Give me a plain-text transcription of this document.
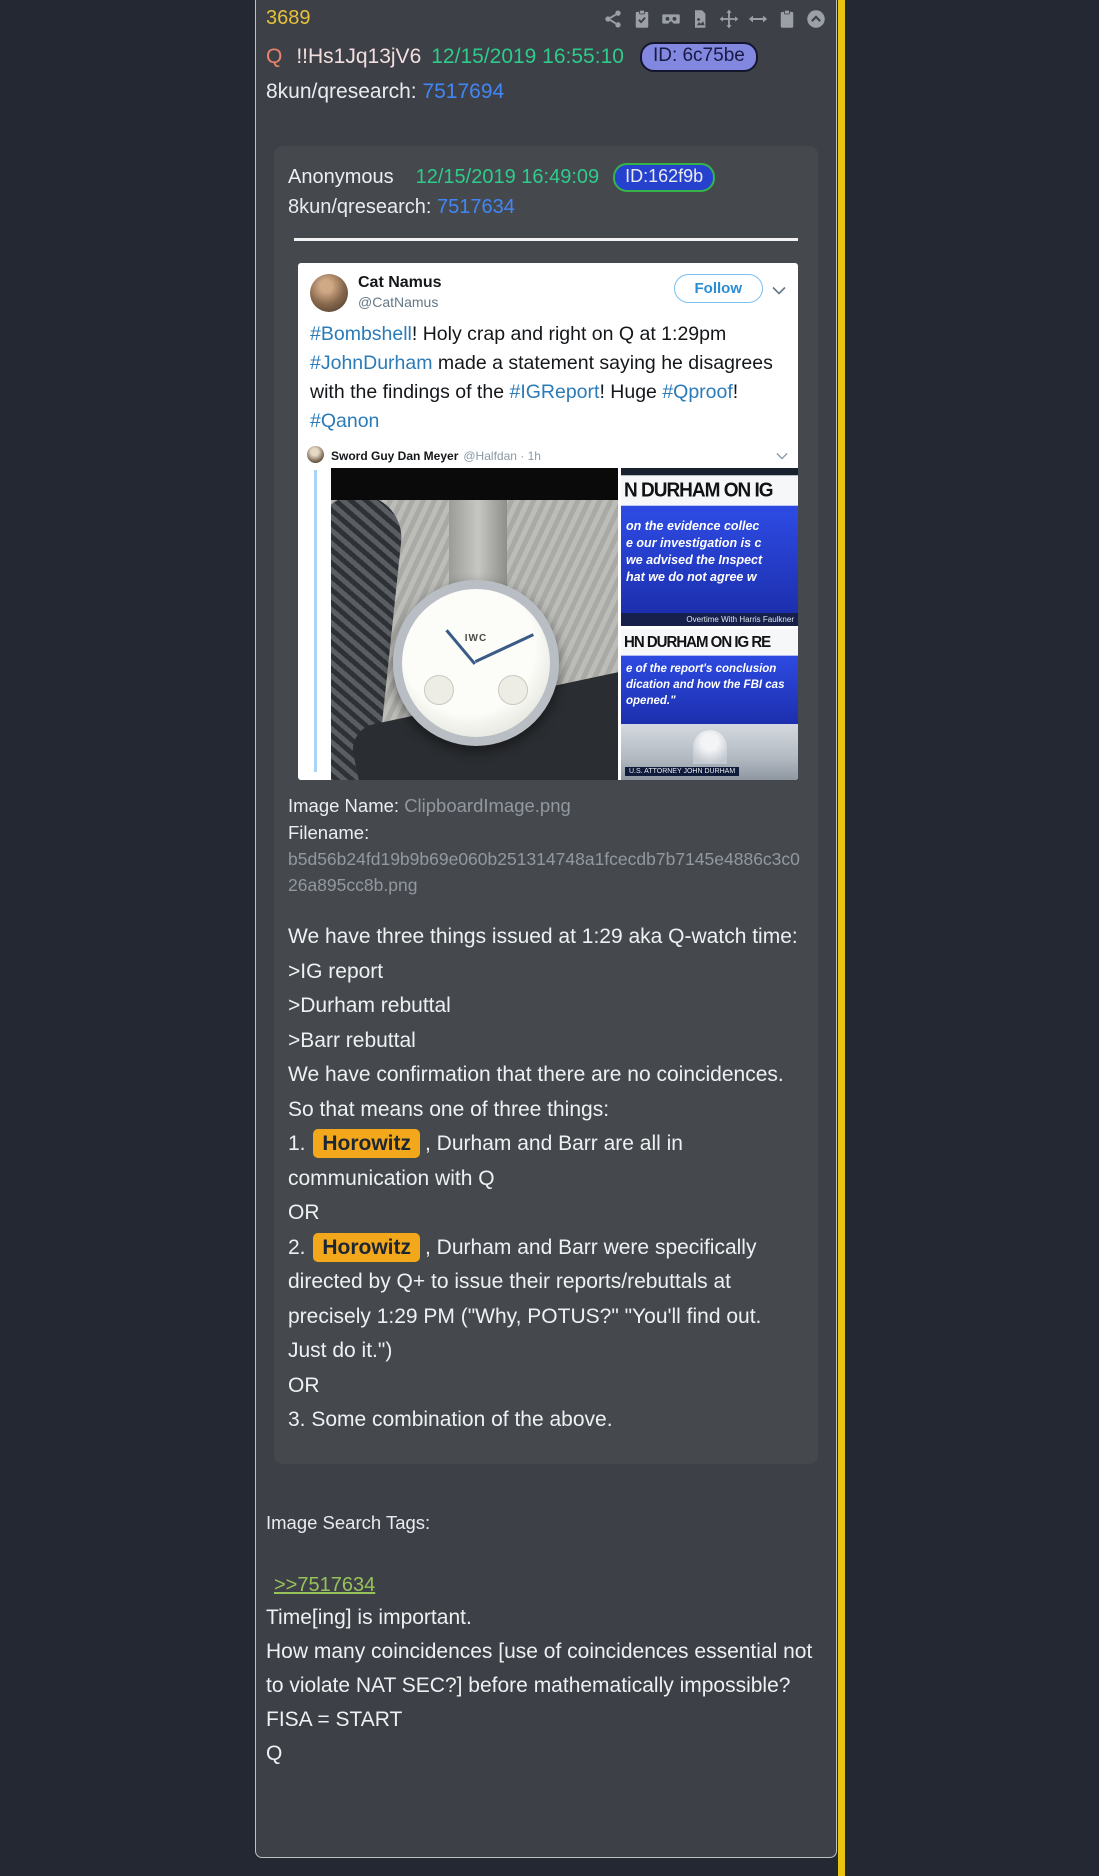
3689
Q !!Hs1Jq13jV6 12/15/2019 16:55:10	ID: 6c75be
8kun/qresearch: 7517694
Anonymous 12/15/2019 16:49:09	ID:162f9b
8kun/qresearch: 7517634
Cat Namus
@CatNamus
Follow
#Bombshell! Holy crap and right on Q at 1:29pm #JohnDurham made a statement saying he disagrees with the findings of the #IGReport! Huge #Qproof! #Qanon
Sword Guy Dan Meyer @Halfdan · 1h
IWC
N DURHAM ON IG
on the evidence collec
e our investigation is c
we advised the Inspect
hat we do not agree w
Overtime With Harris Faulkner
HN DURHAM ON IG RE
e of the report's conclusion
dication and how the FBI cas
opened."
U.S. ATTORNEY JOHN DURHAM
Image Name: ClipboardImage.png
Filename:
b5d56b24fd19b9b69e060b251314748a1fcecdb7b7145e4886c3c026a895cc8b.png
We have three things issued at 1:29 aka Q-watch time:
>IG report
>Durham rebuttal
>Barr rebuttal
We have confirmation that there are no coincidences.
So that means one of three things:
1. Horowitz , Durham and Barr are all in communication with Q
OR
2. Horowitz , Durham and Barr were specifically directed by Q+ to issue their reports/rebuttals at precisely 1:29 PM ("Why, POTUS?" "You'll find out. Just do it.")
OR
3. Some combination of the above.
Image Search Tags:
>>7517634
Time[ing] is important.
How many coincidences [use of coincidences essential not to violate NAT SEC?] before mathematically impossible?
FISA = START
Q
